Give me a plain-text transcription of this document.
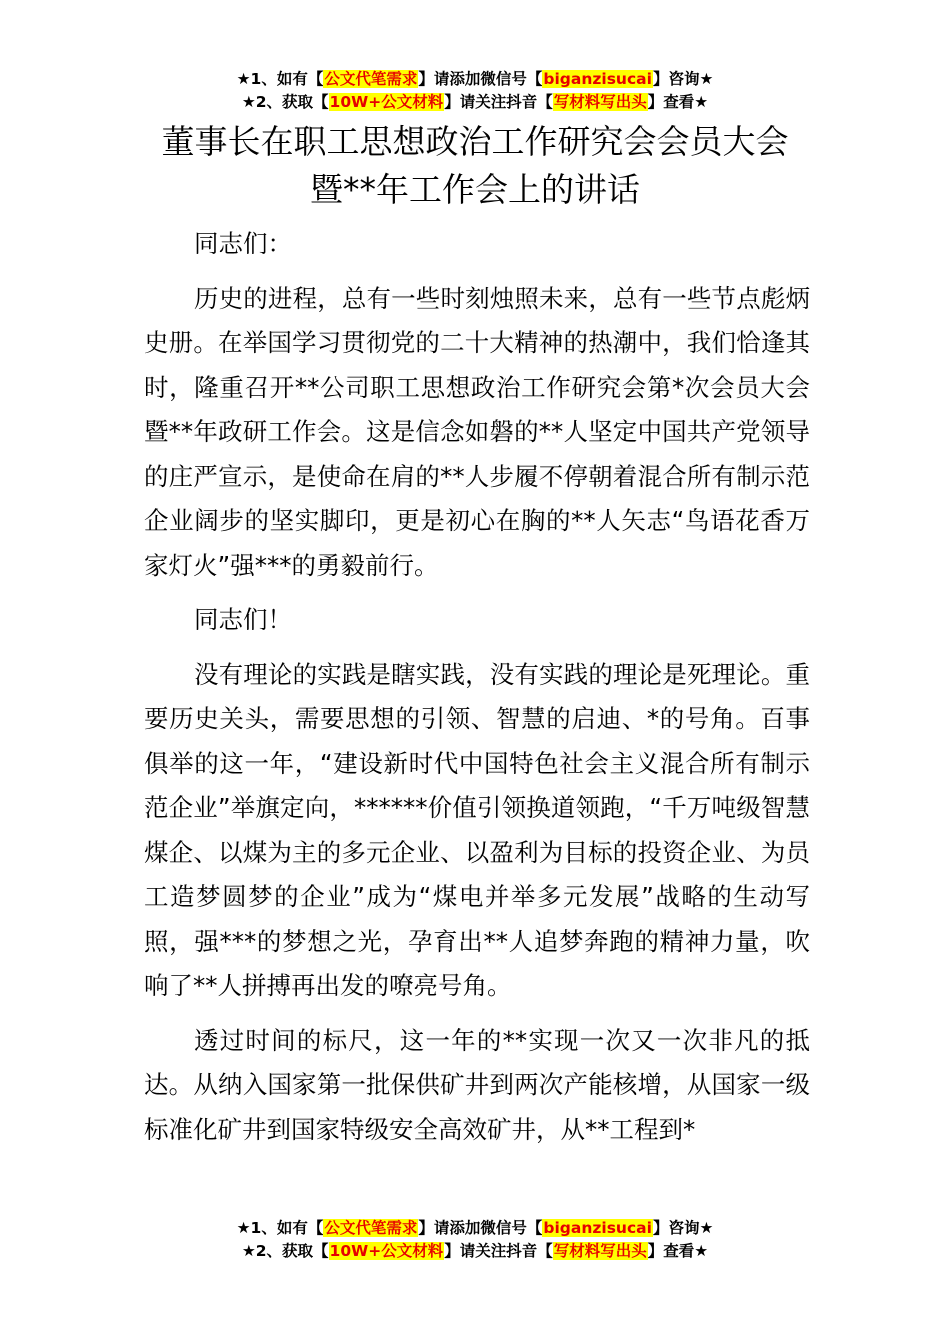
★1、如有【公文代笔需求】请添加微信号【biganzisucai】咨询★
★2、获取【10W+公文材料】请关注抖音【写材料写出头】查看★
董事长在职工思想政治工作研究会会员大会
暨**年工作会上的讲话

同志们：

历史的进程，总有一些时刻烛照未来，总有一些节点彪炳史册。在举国学习贯彻党的二十大精神的热潮中，我们恰逢其时，隆重召开**公司职工思想政治工作研究会第*次会员大会暨**年政研工作会。这是信念如磐的**人坚定中国共产党领导的庄严宣示，是使命在肩的**人步履不停朝着混合所有制示范企业阔步的坚实脚印，更是初心在胸的**人矢志“鸟语花香万家灯火”强***的勇毅前行。

同志们！

没有理论的实践是瞎实践，没有实践的理论是死理论。重要历史关头，需要思想的引领、智慧的启迪、*的号角。百事俱举的这一年，“建设新时代中国特色社会主义混合所有制示范企业”举旗定向，******价值引领换道领跑，“千万吨级智慧煤企、以煤为主的多元企业、以盈利为目标的投资企业、为员工造梦圆梦的企业”成为“煤电并举多元发展”战略的生动写照，强***的梦想之光，孕育出**人追梦奔跑的精神力量，吹响了**人拼搏再出发的嘹亮号角。

透过时间的标尺，这一年的**实现一次又一次非凡的抵达。从纳入国家第一批保供矿井到两次产能核增，从国家一级标准化矿井到国家特级安全高效矿井，从**工程到*

★1、如有【公文代笔需求】请添加微信号【biganzisucai】咨询★
★2、获取【10W+公文材料】请关注抖音【写材料写出头】查看★
